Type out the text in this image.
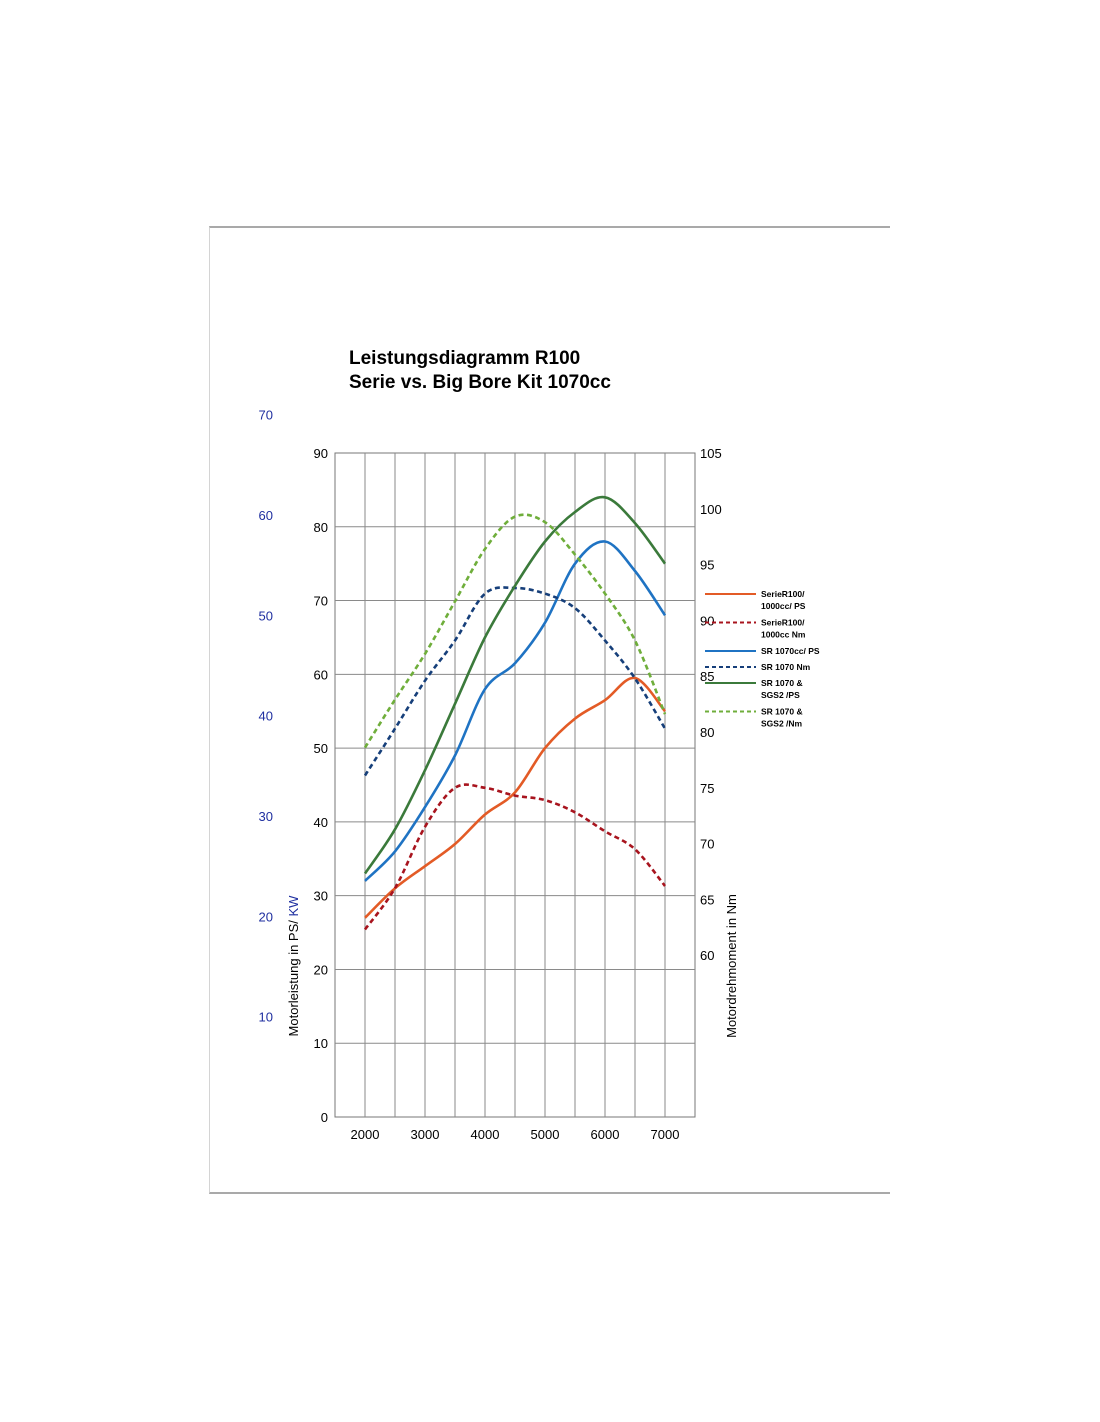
Leistungsdiagramm R100
Serie vs. Big Bore Kit 1070cc
0
10
20
30
40
50
60
70
80
90
10
20
30
40
50
60
70
60
65
70
75
80
85
90
95
100
105
2000 3000 4000 5000 6000 7000
Motorleistung in PS/ KW	Motordrehmoment in Nm
SerieR100/
1000cc/ PS
SerieR100/
1000cc Nm
SR 1070cc/ PS
SR 1070 Nm
SR 1070 &
SGS2 /PS
SR 1070 &
SGS2 /Nm
